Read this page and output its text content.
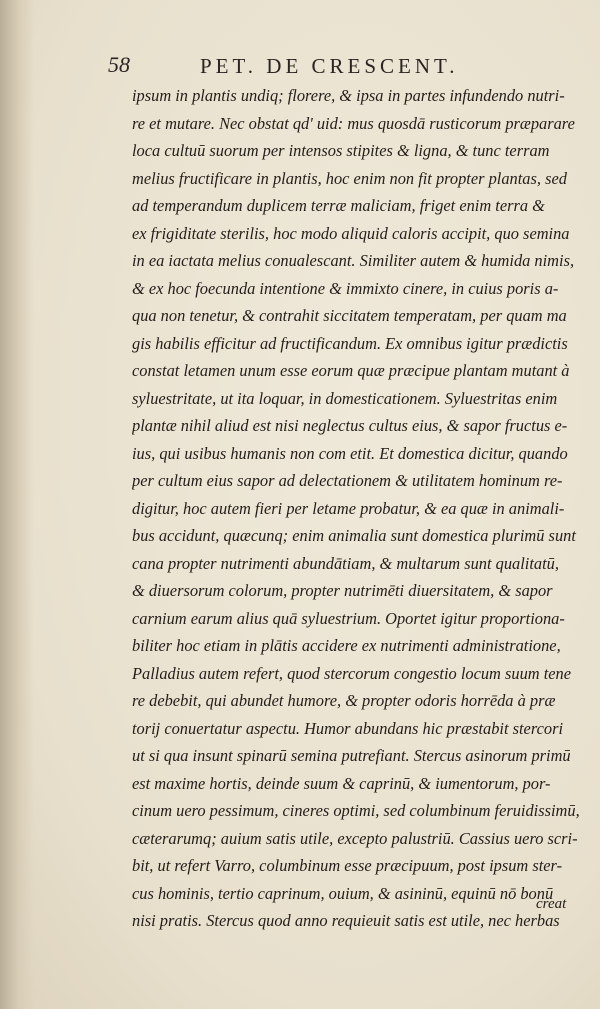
58	PET. DE CRESCENT.
ipsum in plantis undiq; florere, & ipsa in partes infundendo nutri-
re et mutare. Nec obstat qd' uid: mus quosdā rusticorum præparare
loca cultuū suorum per intensos stipites & ligna, & tunc terram
melius fructificare in plantis, hoc enim non fit propter plantas, sed
ad temperandum duplicem terræ maliciam, friget enim terra &
ex frigiditate sterilis, hoc modo aliquid caloris accipit, quo semina
in ea iactata melius conualescant. Similiter autem & humida nimis,
& ex hoc foecunda intentione & immixto cinere, in cuius poris a-
qua non tenetur, & contrahit siccitatem temperatam, per quam ma
gis habilis efficitur ad fructificandum. Ex omnibus igitur prædictis
constat letamen unum esse eorum quæ præcipue plantam mutant à
syluestritate, ut ita loquar, in domesticationem. Syluestritas enim
plantæ nihil aliud est nisi neglectus cultus eius, & sapor fructus e-
ius, qui usibus humanis non com etit. Et domestica dicitur, quando
per cultum eius sapor ad delectationem & utilitatem hominum re-
digitur, hoc autem fieri per letame probatur, & ea quæ in animali-
bus accidunt, quæcunq; enim animalia sunt domestica plurimū sunt
cana propter nutrimenti abundātiam, & multarum sunt qualitatū,
& diuersorum colorum, propter nutrimēti diuersitatem, & sapor
carnium earum alius quā syluestrium. Oportet igitur proportiona-
biliter hoc etiam in plātis accidere ex nutrimenti administratione,
Palladius autem refert, quod stercorum congestio locum suum tene
re debebit, qui abundet humore, & propter odoris horrēda à præ
torij conuertatur aspectu. Humor abundans hic præstabit stercori
ut si qua insunt spinarū semina putrefiant. Stercus asinorum primū
est maxime hortis, deinde suum & caprinū, & iumentorum, por-
cinum uero pessimum, cineres optimi, sed columbinum feruidissimū,
cæterarumq; auium satis utile, excepto palustriū. Cassius uero scri-
bit, ut refert Varro, columbinum esse præcipuum, post ipsum ster-
cus hominis, tertio caprinum, ouium, & asininū, equinū nō bonū
nisi pratis. Stercus quod anno requieuit satis est utile, nec herbas
creat
